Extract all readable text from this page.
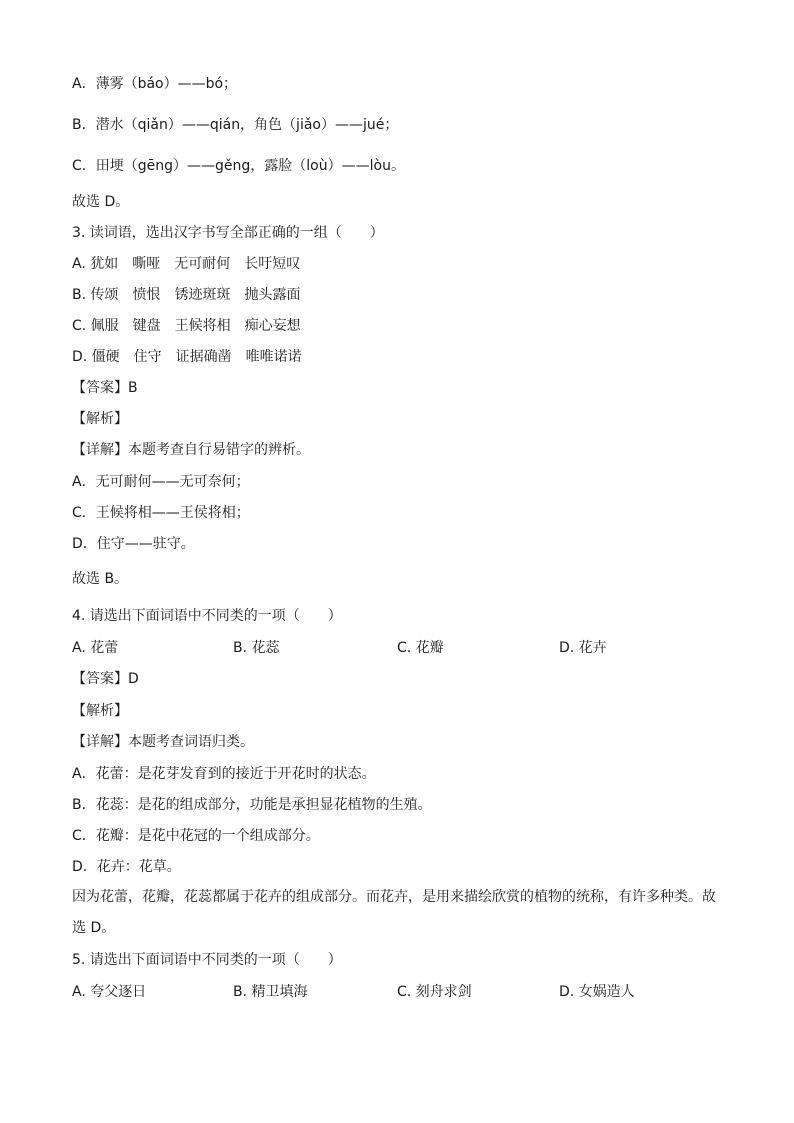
A．薄雾（báo）——bó；
B．潜水（qiǎn）——qián，角色（jiǎo）——jué；
C．田埂（gēng）——gěng，露脸（loù）——lòu。
故选 D。
3. 读词语，选出汉字书写全部正确的一组（　　）
A. 犹如　嘶哑　无可耐何　长吁短叹
B. 传颂　愤恨　锈迹斑斑　抛头露面
C. 佩服　键盘　王候将相　痴心妄想
D. 僵硬　住守　证据确凿　唯唯诺诺
【答案】B
【解析】
【详解】本题考查自行易错字的辨析。
A．无可耐何——无可奈何；
C．王候将相——王侯将相；
D．住守——驻守。
故选 B。
4. 请选出下面词语中不同类的一项（　　）
A. 花蕾	B. 花蕊	C. 花瓣	D. 花卉
【答案】D
【解析】
【详解】本题考查词语归类。
A．花蕾：是花芽发育到的接近于开花时的状态。
B．花蕊：是花的组成部分，功能是承担显花植物的生殖。
C．花瓣：是花中花冠的一个组成部分。
D．花卉：花草。
因为花蕾，花瓣，花蕊都属于花卉的组成部分。而花卉，是用来描绘欣赏的植物的统称，有许多种类。故选 D。
5. 请选出下面词语中不同类的一项（　　）
A. 夸父逐日	B. 精卫填海	C. 刻舟求剑	D. 女娲造人
